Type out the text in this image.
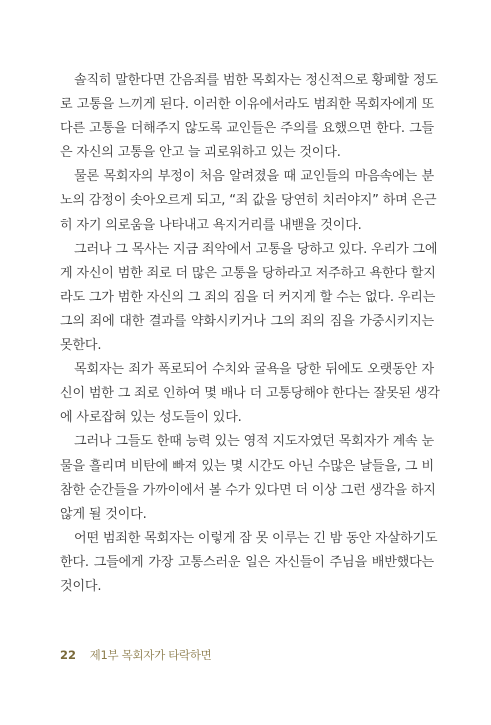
솔직히 말한다면 간음죄를 범한 목회자는 정신적으로 황폐할 정도
로 고통을 느끼게 된다. 이러한 이유에서라도 범죄한 목회자에게 또
다른 고통을 더해주지 않도록 교인들은 주의를 요했으면 한다. 그들
은 자신의 고통을 안고 늘 괴로워하고 있는 것이다.
물론 목회자의 부정이 처음 알려졌을 때 교인들의 마음속에는 분
노의 감정이 솟아오르게 되고, “죄 값을 당연히 치러야지” 하며 은근
히 자기 의로움을 나타내고 욕지거리를 내밷을 것이다.
그러나 그 목사는 지금 죄악에서 고통을 당하고 있다. 우리가 그에
게 자신이 범한 죄로 더 많은 고통을 당하라고 저주하고 욕한다 할지
라도 그가 범한 자신의 그 죄의 짐을 더 커지게 할 수는 없다. 우리는
그의 죄에 대한 결과를 약화시키거나 그의 죄의 짐을 가중시키지는
못한다.
목회자는 죄가 폭로되어 수치와 굴욕을 당한 뒤에도 오랫동안 자
신이 범한 그 죄로 인하여 몇 배나 더 고통당해야 한다는 잘못된 생각
에 사로잡혀 있는 성도들이 있다.
그러나 그들도 한때 능력 있는 영적 지도자였던 목회자가 계속 눈
물을 흘리며 비탄에 빠져 있는 몇 시간도 아닌 수많은 날들을, 그 비
참한 순간들을 가까이에서 볼 수가 있다면 더 이상 그런 생각을 하지
않게 될 것이다.
어떤 범죄한 목회자는 이렇게 잠 못 이루는 긴 밤 동안 자살하기도
한다. 그들에게 가장 고통스러운 일은 자신들이 주님을 배반했다는
것이다.
22 제1부 목회자가 타락하면
